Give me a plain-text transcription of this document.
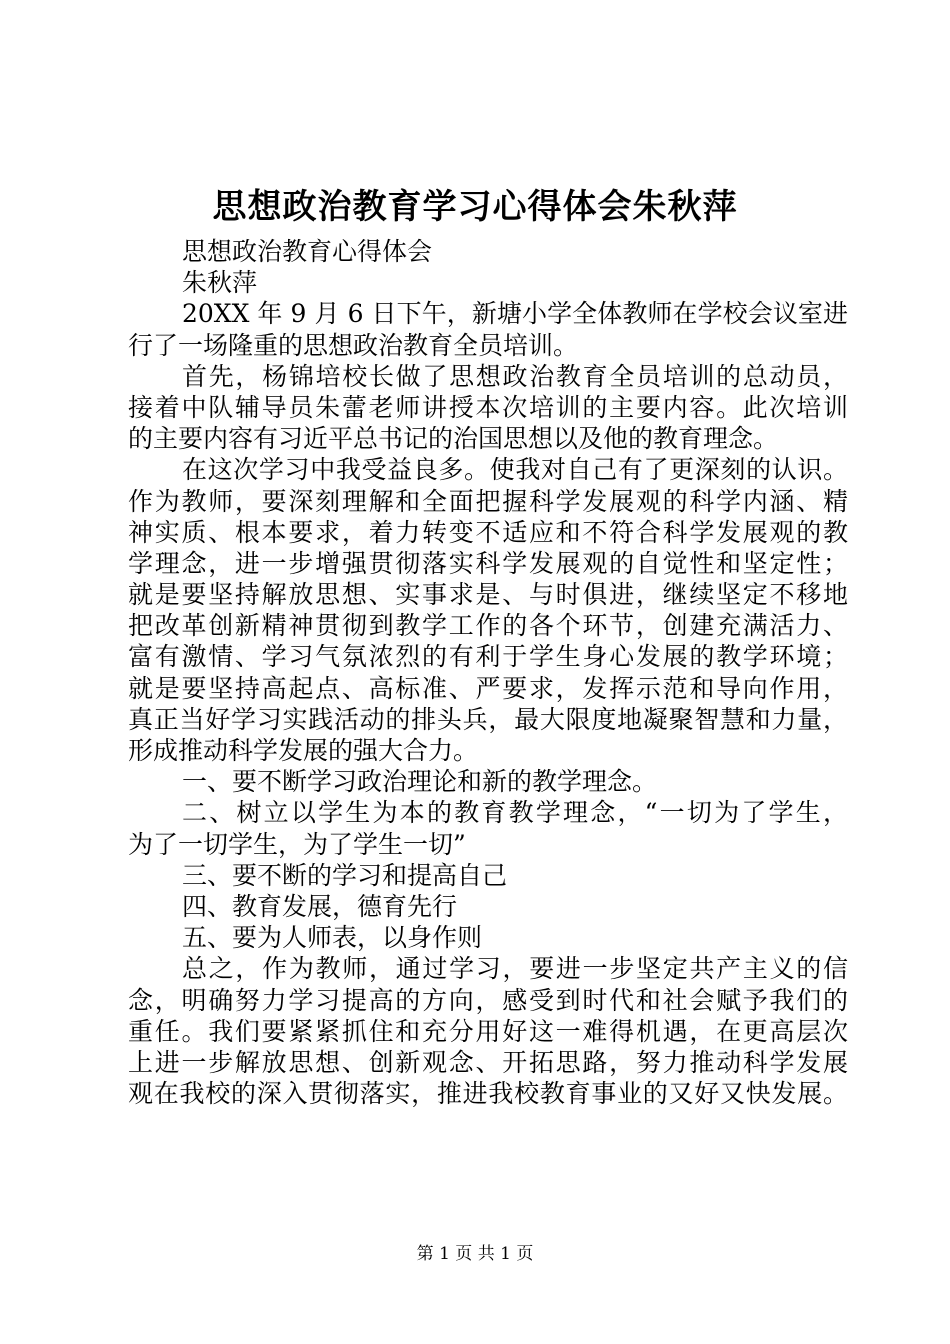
思想政治教育学习心得体会朱秋萍
思想政治教育心得体会
朱秋萍
20XX 年 9 月 6 日下午，新塘小学全体教师在学校会议室进
行了一场隆重的思想政治教育全员培训。
首先，杨锦培校长做了思想政治教育全员培训的总动员，
接着中队辅导员朱蕾老师讲授本次培训的主要内容。此次培训
的主要内容有习近平总书记的治国思想以及他的教育理念。
在这次学习中我受益良多。使我对自己有了更深刻的认识。
作为教师，要深刻理解和全面把握科学发展观的科学内涵、精
神实质、根本要求，着力转变不适应和不符合科学发展观的教
学理念，进一步增强贯彻落实科学发展观的自觉性和坚定性；
就是要坚持解放思想、实事求是、与时俱进，继续坚定不移地
把改革创新精神贯彻到教学工作的各个环节，创建充满活力、
富有激情、学习气氛浓烈的有利于学生身心发展的教学环境；
就是要坚持高起点、高标准、严要求，发挥示范和导向作用，
真正当好学习实践活动的排头兵，最大限度地凝聚智慧和力量，
形成推动科学发展的强大合力。
一、要不断学习政治理论和新的教学理念。
二、树立以学生为本的教育教学理念，“一切为了学生，
为了一切学生，为了学生一切”
三、要不断的学习和提高自己
四、教育发展，德育先行
五、要为人师表，以身作则
总之，作为教师，通过学习，要进一步坚定共产主义的信
念，明确努力学习提高的方向，感受到时代和社会赋予我们的
重任。我们要紧紧抓住和充分用好这一难得机遇，在更高层次
上进一步解放思想、创新观念、开拓思路，努力推动科学发展
观在我校的深入贯彻落实，推进我校教育事业的又好又快发展。
第 1 页 共 1 页
